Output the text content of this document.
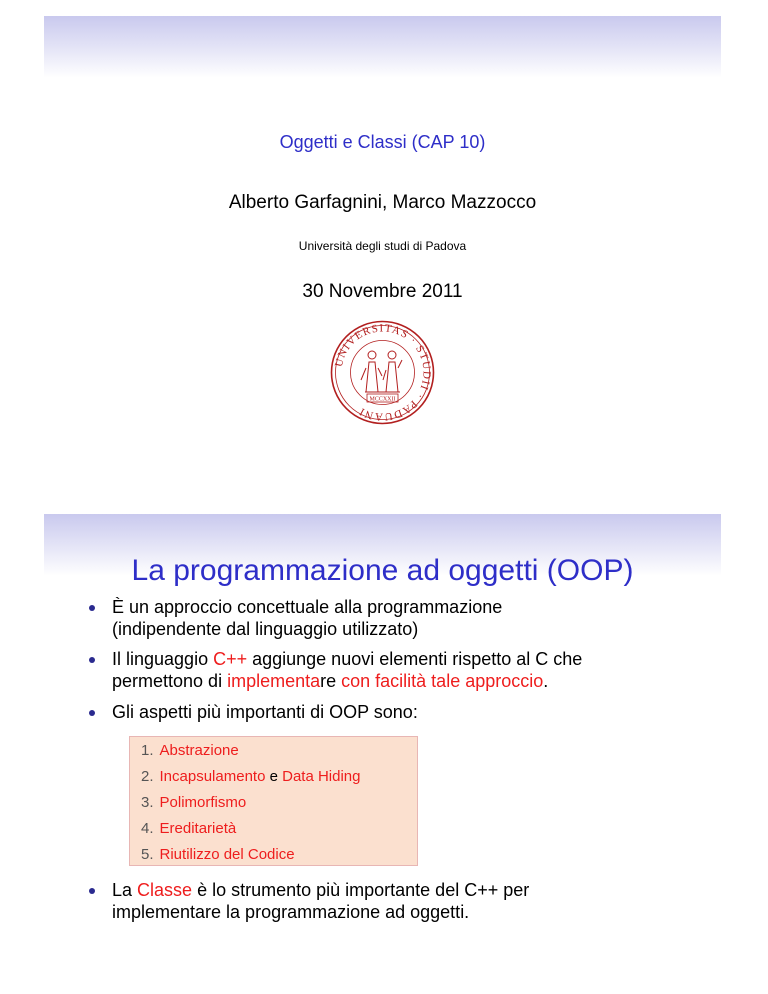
Oggetti e Classi (CAP 10)
Alberto Garfagnini, Marco Mazzocco
Università degli studi di Padova
30 Novembre 2011
UNIVERSITAS · STUDII · PADUANI
MCCXXII
La programmazione ad oggetti (OOP)
È un approccio concettuale alla programmazione
(indipendente dal linguaggio utilizzato)
Il linguaggio C++ aggiunge nuovi elementi rispetto al C che
permettono di implementare con facilità tale approccio.
Gli aspetti più importanti di OOP sono:
1. Abstrazione
2. Incapsulamento e Data Hiding
3. Polimorfismo
4. Ereditarietà
5. Riutilizzo del Codice
La Classe è lo strumento più importante del C++ per
implementare la programmazione ad oggetti.
